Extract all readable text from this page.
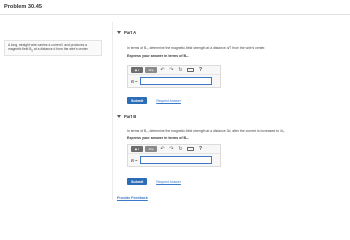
Problem 30.45
A long, straight wire carries a current I and produces a magnetic field $B_0$ at a distance d from the wire's center.
Part A
In terms of B₀, determine the magnetic-field strength at a distance d/7 from the wire's center.
Express your answer in terms of B₀.
▣ ▾	ΑΣφ ↶ ↷ ↻	?
B =
Submit	Request Answer
Part B
In terms of B₀, determine the magnetic-field strength at a distance 3d, after the current is increased to 4I₀.
Express your answer in terms of B₀.
▣ ▾	ΑΣφ ↶ ↷ ↻	?
B =
Submit	Request Answer
Provide Feedback
